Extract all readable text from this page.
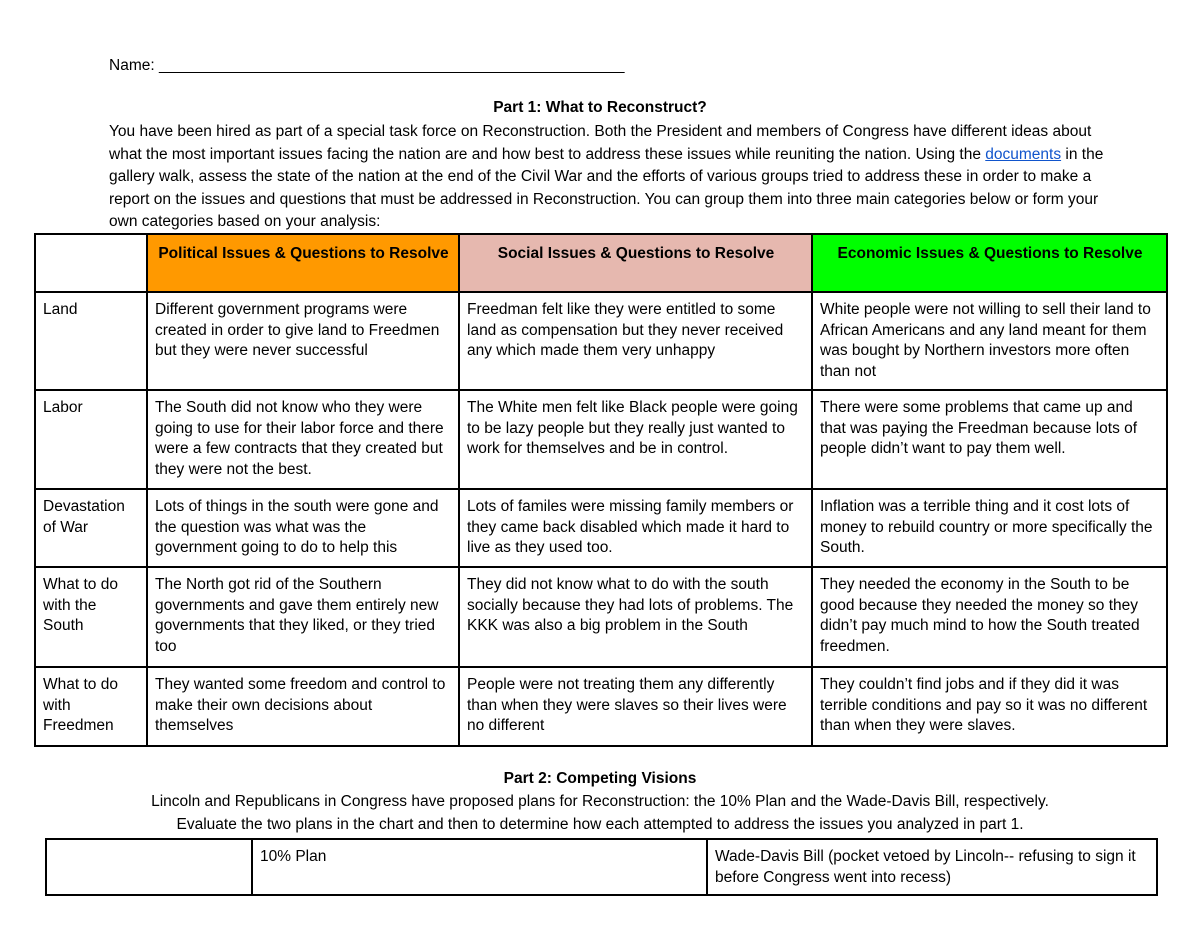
Name: ______________________________________________________
Part 1: What to Reconstruct?
You have been hired as part of a special task force on Reconstruction. Both the President and members of Congress have different ideas about what the most important issues facing the nation are and how best to address these issues while reuniting the nation. Using the documents in the gallery walk, assess the state of the nation at the end of the Civil War and the efforts of various groups tried to address these in order to make a report on the issues and questions that must be addressed in Reconstruction. You can group them into three main categories below or form your own categories based on your analysis:
	Political Issues & Questions to Resolve	Social Issues & Questions to Resolve	Economic Issues & Questions to Resolve
Land	Different government programs were created in order to give land to Freedmen but they were never successful	Freedman felt like they were entitled to some land as compensation but they never received any which made them very unhappy	White people were not willing to sell their land to African Americans and any land meant for them was bought by Northern investors more often than not
Labor	The South did not know who they were going to use for their labor force and there were a few contracts that they created but they were not the best.	The White men felt like Black people were going to be lazy people but they really just wanted to work for themselves and be in control.	There were some problems that came up and that was paying the Freedman because lots of people didn’t want to pay them well.
Devastation of War	Lots of things in the south were gone and the question was what was the government going to do to help this	Lots of familes were missing family members or they came back disabled which made it hard to live as they used too.	Inflation was a terrible thing and it cost lots of money to rebuild country or more specifically the South.
What to do with the South	The North got rid of the Southern governments and gave them entirely new governments that they liked, or they tried too	They did not know what to do with the south socially because they had lots of problems. The KKK was also a big problem in the South	They needed the economy in the South to be good because they needed the money so they didn’t pay much mind to how the South treated freedmen.
What to do with Freedmen	They wanted some freedom and control to make their own decisions about themselves	People were not treating them any differently than when they were slaves so their lives were no different	They couldn’t find jobs and if they did it was terrible conditions and pay so it was no different than when they were slaves.
Part 2: Competing Visions
Lincoln and Republicans in Congress have proposed plans for Reconstruction: the 10% Plan and the Wade-Davis Bill, respectively.
Evaluate the two plans in the chart and then to determine how each attempted to address the issues you analyzed in part 1.
	10% Plan	Wade-Davis Bill (pocket vetoed by Lincoln-- refusing to sign it before Congress went into recess)
